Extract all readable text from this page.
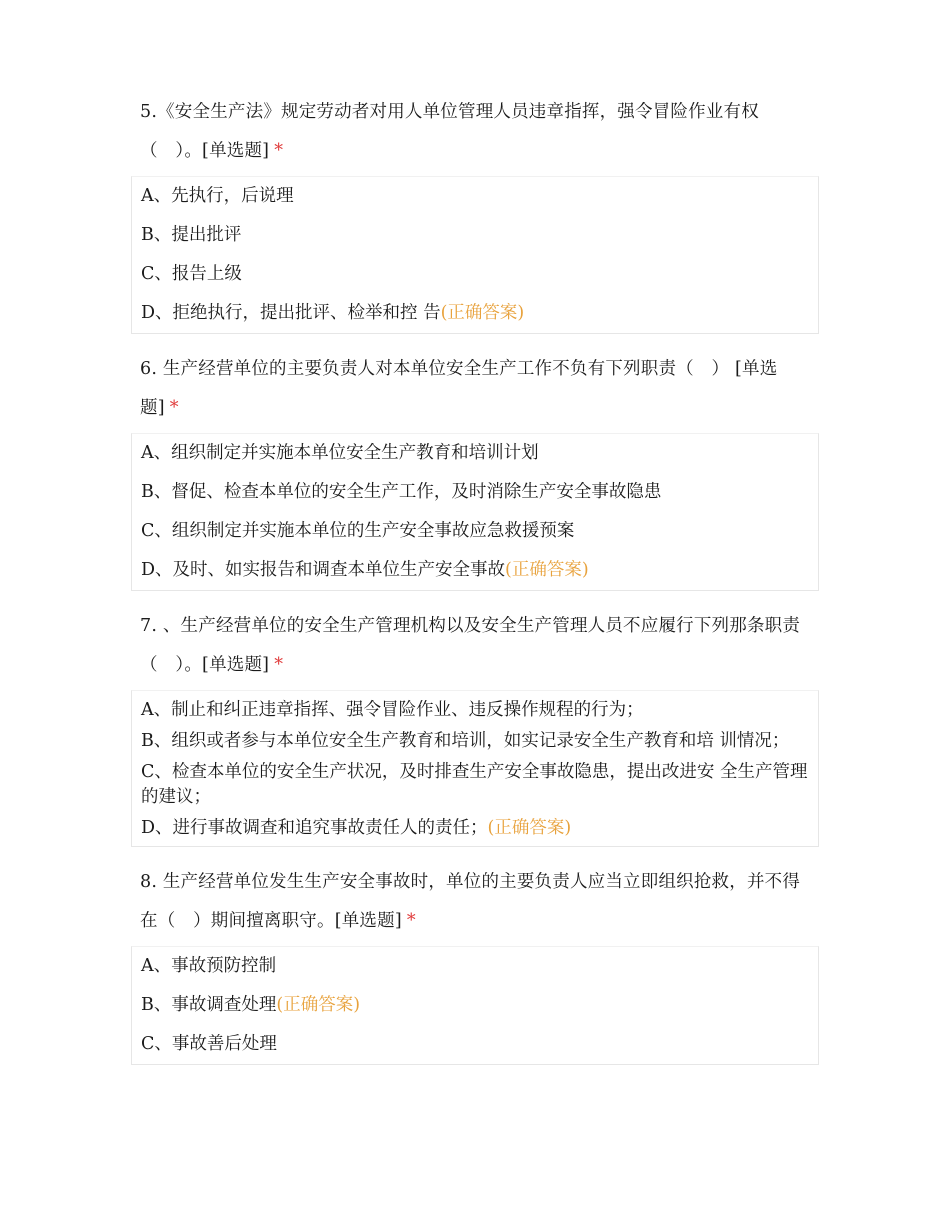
5.《安全生产法》规定劳动者对用人单位管理人员违章指挥，强令冒险作业有权（　）。[单选题] *

A、先执行，后说理

B、提出批评

C、报告上级

D、拒绝执行，提出批评、检举和控 告(正确答案)

6. 生产经营单位的主要负责人对本单位安全生产工作不负有下列职责（　） [单选题] *

A、组织制定并实施本单位安全生产教育和培训计划

B、督促、检查本单位的安全生产工作，及时消除生产安全事故隐患

C、组织制定并实施本单位的生产安全事故应急救援预案

D、及时、如实报告和调查本单位生产安全事故(正确答案)

7. 、生产经营单位的安全生产管理机构以及安全生产管理人员不应履行下列那条职责（　）。[单选题] *

A、制止和纠正违章指挥、强令冒险作业、违反操作规程的行为；

B、组织或者参与本单位安全生产教育和培训，如实记录安全生产教育和培 训情况；

C、检查本单位的安全生产状况，及时排查生产安全事故隐患，提出改进安 全生产管理的建议；

D、进行事故调查和追究事故责任人的责任；(正确答案)

8. 生产经营单位发生生产安全事故时，单位的主要负责人应当立即组织抢救，并不得在（　）期间擅离职守。[单选题] *

A、事故预防控制

B、事故调查处理(正确答案)

C、事故善后处理
